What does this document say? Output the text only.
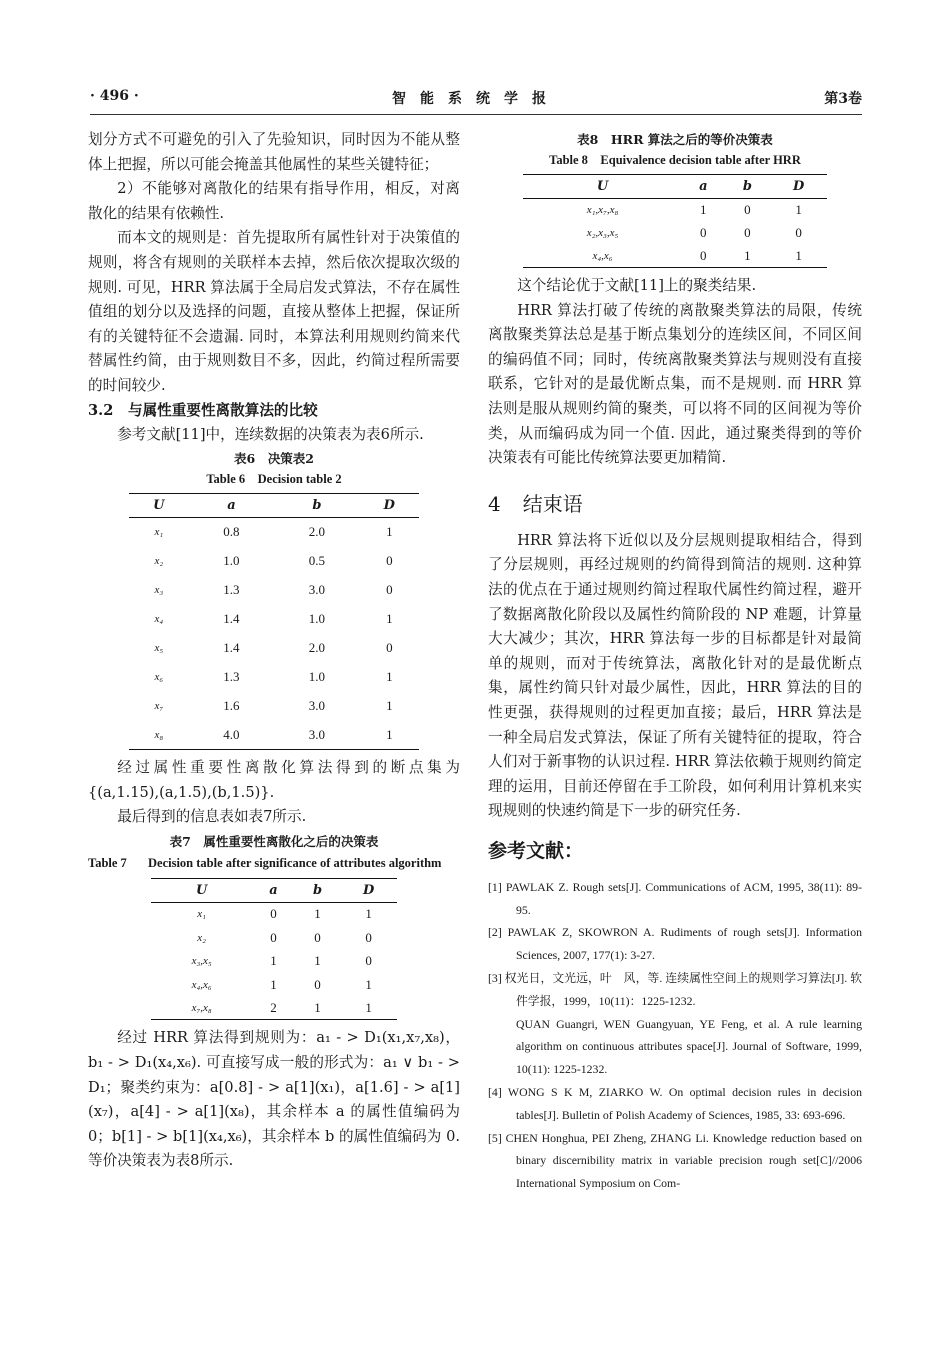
· 496 ·	智能系统学报	第3卷

划分方式不可避免的引入了先验知识，同时因为不能从整体上把握，所以可能会掩盖其他属性的某些关键特征；

2）不能够对离散化的结果有指导作用，相反，对离散化的结果有依赖性.

而本文的规则是：首先提取所有属性针对于决策值的规则，将含有规则的关联样本去掉，然后依次提取次级的规则. 可见，HRR 算法属于全局启发式算法，不存在属性值组的划分以及选择的问题，直接从整体上把握，保证所有的关键特征不会遗漏. 同时，本算法利用规则约简来代替属性约简，由于规则数目不多，因此，约简过程所需要的时间较少.

3.2　与属性重要性离散算法的比较

参考文献[11]中，连续数据的决策表为表6所示.

表6　决策表2
Table 6　Decision table 2
U	a	b	D
x₁	0.8	2.0	1
x₂	1.0	0.5	0
x₃	1.3	3.0	0
x₄	1.4	1.0	1
x₅	1.4	2.0	0
x₆	1.3	1.0	1
x₇	1.6	3.0	1
x₈	4.0	3.0	1

经过属性重要性离散化算法得到的断点集为{(a,1.15),(a,1.5),(b,1.5)}.

最后得到的信息表如表7所示.

表7　属性重要性离散化之后的决策表
Table 7	Decision table after significance of attributes algorithm
U	a	b	D
x₁	0	1	1
x₂	0	0	0
x₃,x₅	1	1	0
x₄,x₆	1	0	1
x₇,x₈	2	1	1

经过 HRR 算法得到规则为：a₁ - > D₁(x₁,x₇,x₈)，b₁ - > D₁(x₄,x₆). 可直接写成一般的形式为：a₁ ∨ b₁ - > D₁；聚类约束为：a[0.8] - > a[1](x₁)，a[1.6] - > a[1](x₇)，a[4] - > a[1](x₈)，其余样本 a 的属性值编码为 0；b[1] - > b[1](x₄,x₆)，其余样本 b 的属性值编码为 0. 等价决策表为表8所示.

表8　HRR 算法之后的等价决策表
Table 8　Equivalence decision table after HRR
U	a	b	D
x₁,x₇,x₈	1	0	1
x₂,x₃,x₅	0	0	0
x₄,x₆	0	1	1

这个结论优于文献[11]上的聚类结果.

HRR 算法打破了传统的离散聚类算法的局限，传统离散聚类算法总是基于断点集划分的连续区间，不同区间的编码值不同；同时，传统离散聚类算法与规则没有直接联系，它针对的是最优断点集，而不是规则. 而 HRR 算法则是服从规则约简的聚类，可以将不同的区间视为等价类，从而编码成为同一个值. 因此，通过聚类得到的等价决策表有可能比传统算法要更加精简.

4 结束语

HRR 算法将下近似以及分层规则提取相结合，得到了分层规则，再经过规则的约简得到简洁的规则. 这种算法的优点在于通过规则约简过程取代属性约简过程，避开了数据离散化阶段以及属性约简阶段的 NP 难题，计算量大大减少；其次，HRR 算法每一步的目标都是针对最简单的规则，而对于传统算法，离散化针对的是最优断点集，属性约简只针对最少属性，因此，HRR 算法的目的性更强，获得规则的过程更加直接；最后，HRR 算法是一种全局启发式算法，保证了所有关键特征的提取，符合人们对于新事物的认识过程. HRR 算法依赖于规则约简定理的运用，目前还停留在手工阶段，如何利用计算机来实现规则的快速约简是下一步的研究任务.

参考文献：
[1] PAWLAK Z. Rough sets[J]. Communications of ACM, 1995, 38(11): 89-95.
[2] PAWLAK Z, SKOWRON A. Rudiments of rough sets[J]. Information Sciences, 2007, 177(1): 3-27.
[3] 权光日，文光远，叶　风，等. 连续属性空间上的规则学习算法[J]. 软件学报，1999，10(11)：1225-1232.
QUAN Guangri, WEN Guangyuan, YE Feng, et al. A rule learning algorithm on continuous attributes space[J]. Journal of Software, 1999, 10(11): 1225-1232.
[4] WONG S K M, ZIARKO W. On optimal decision rules in decision tables[J]. Bulletin of Polish Academy of Sciences, 1985, 33: 693-696.
[5] CHEN Honghua, PEI Zheng, ZHANG Li. Knowledge reduction based on binary discernibility matrix in variable precision rough set[C]//2006 International Symposium on Com-
